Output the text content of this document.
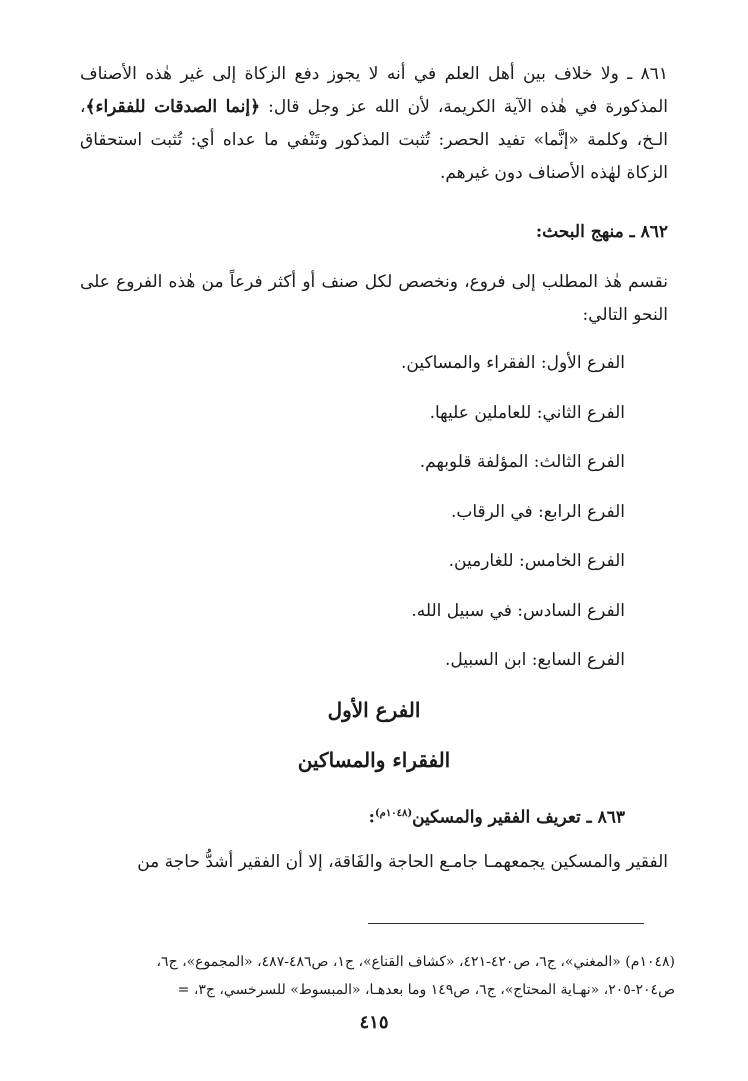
٨٦١ ـ ولا خلاف بين أهل العلم في أنه لا يجوز دفع الزكاة إلى غير هٰذه الأصناف المذكورة في هٰذه الآية الكريمة، لأن الله عز وجل قال: ﴿إنما الصدقات للفقراء﴾، الـخ، وكلمة «إنَّما» تفيد الحصر: تُثبت المذكور وتَنْفي ما عداه أي: تُثبت استحقاق الزكاة لهٰذه الأصناف دون غيرهم.

٨٦٢ ـ منهج البحث:

نقسم هٰذ المطلب إلى فروع، ونخصص لكل صنف أو أكثر فرعاً من هٰذه الفروع على النحو التالي:

الفرع الأول: الفقراء والمساكين.
الفرع الثاني: للعاملين عليها.
الفرع الثالث: المؤلفة قلوبهم.
الفرع الرابع: في الرقاب.
الفرع الخامس: للغارمين.
الفرع السادس: في سبيل الله.
الفرع السابع: ابن السبيل.
الفرع الأول
الفقراء والمساكين
٨٦٣ ـ تعريف الفقير والمسكين$^{(١٠٤٨م)}$:

الفقير والمسكين يجمعهمـا جامـع الحاجة والفَاقة، إلا أن الفقير أشدُّ حاجة من

(١٠٤٨م) «المغني»، ج٦، ص٤٢٠-٤٢١، «كشاف القناع»، ج١، ص٤٨٦-٤٨٧، «المجموع»، ج٦،
ص٢٠٤-٢٠٥، «نهـاية المحتاج»، ج٦، ص١٤٩ وما بعدهـا، «المبسوط» للسرخسي، ج٣، =
٤١٥
